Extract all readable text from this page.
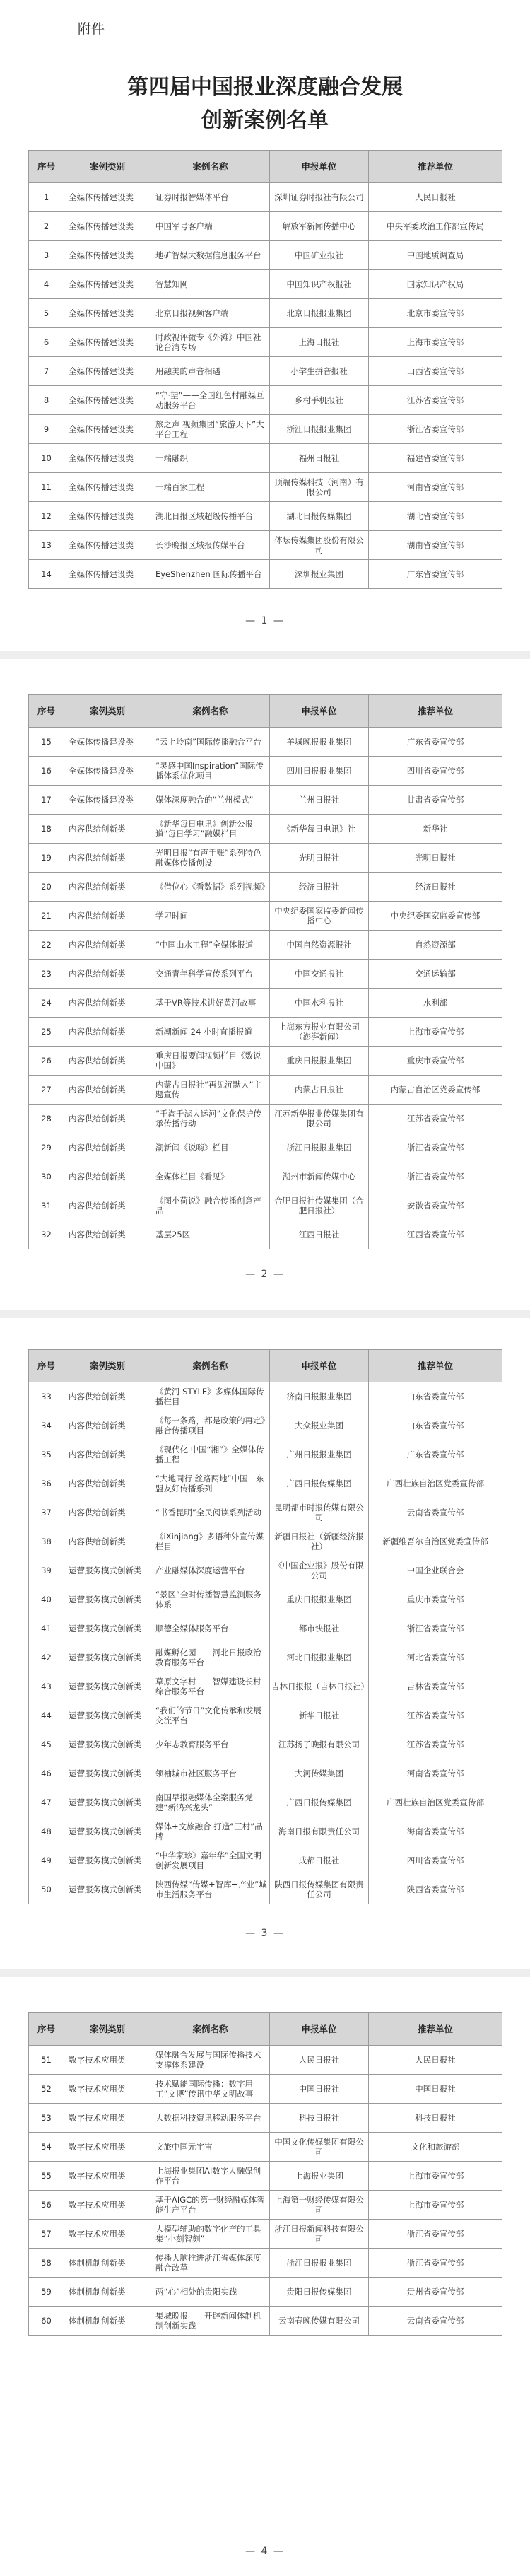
附件
第四届中国报业深度融合发展
创新案例名单
序号	案例类别	案例名称	申报单位	推荐单位
1	全媒体传播建设类	证券时报智媒体平台	深圳证券时报社有限公司	人民日报社
2	全媒体传播建设类	中国军号客户端	解放军新闻传播中心	中央军委政治工作部宣传局
3	全媒体传播建设类	地矿智媒大数据信息服务平台	中国矿业报社	中国地质调查局
4	全媒体传播建设类	智慧知网	中国知识产权报社	国家知识产权局
5	全媒体传播建设类	北京日报视频客户端	北京日报报业集团	北京市委宣传部
6	全媒体传播建设类	时政视评微专《外滩》中国社论台湾专场	上海日报社	上海市委宣传部
7	全媒体传播建设类	用融美的声音相遇	小学生拼音报社	山西省委宣传部
8	全媒体传播建设类	“守·望”——全国红色村融媒互动服务平台	乡村手机报社	江苏省委宣传部
9	全媒体传播建设类	旅之声 视频集团“旅游天下”大平台工程	浙江日报报业集团	浙江省委宣传部
10	全媒体传播建设类	一端融织	福州日报社	福建省委宣传部
11	全媒体传播建设类	一端百家工程	顶端传媒科技（河南）有限公司	河南省委宣传部
12	全媒体传播建设类	湖北日报区域超级传播平台	湖北日报传媒集团	湖北省委宣传部
13	全媒体传播建设类	长沙晚报区域报传媒平台	体坛传媒集团股份有限公司	湖南省委宣传部
14	全媒体传播建设类	EyeShenzhen 国际传播平台	深圳报业集团	广东省委宣传部
— 1 —
序号	案例类别	案例名称	申报单位	推荐单位
15	全媒体传播建设类	“云上岭南”国际传播融合平台	羊城晚报报业集团	广东省委宣传部
16	全媒体传播建设类	“灵感中国Inspiration”国际传播体系优化项目	四川日报报业集团	四川省委宣传部
17	全媒体传播建设类	媒体深度融合的“兰州模式”	兰州日报社	甘肃省委宣传部
18	内容供给创新类	《新华每日电讯》创新公报道“每日学习”融媒栏目	《新华每日电讯》社	新华社
19	内容供给创新类	光明日报“有声手账”系列特色融媒体传播创设	光明日报社	光明日报社
20	内容供给创新类	《借位心《看数据》系列视频》	经济日报社	经济日报社
21	内容供给创新类	学习时间	中央纪委国家监委新闻传播中心	中央纪委国家监委宣传部
22	内容供给创新类	“中国山水工程”全媒体报道	中国自然资源报社	自然资源部
23	内容供给创新类	交通青年科学宣传系列平台	中国交通报社	交通运输部
24	内容供给创新类	基于VR等技术讲好黄河故事	中国水利报社	水利部
25	内容供给创新类	新潮新闻 24 小时直播报道	上海东方报业有限公司（澎湃新闻）	上海市委宣传部
26	内容供给创新类	重庆日报要闻视频栏目《数说中国》	重庆日报报业集团	重庆市委宣传部
27	内容供给创新类	内蒙古日报社“再见沉默人”主题宣传	内蒙古日报社	内蒙古自治区党委宣传部
28	内容供给创新类	“千淘千滤大运河”文化保护传承传播行动	江苏新华报业传媒集团有限公司	江苏省委宣传部
29	内容供给创新类	潮新闻《说嗨》栏目	浙江日报报业集团	浙江省委宣传部
30	内容供给创新类	全媒体栏目《看见》	湖州市新闻传媒中心	浙江省委宣传部
31	内容供给创新类	《图小荷说》融合传播创意产品	合肥日报社传媒集团（合肥日报社）	安徽省委宣传部
32	内容供给创新类	基层25区	江西日报社	江西省委宣传部
— 2 —
序号	案例类别	案例名称	申报单位	推荐单位
33	内容供给创新类	《黄河 STYLE》多媒体国际传播栏目	济南日报报业集团	山东省委宣传部
34	内容供给创新类	《每一条路，都是政策的再定》融合传播项目	大众报业集团	山东省委宣传部
35	内容供给创新类	《现代化 中国“湘”》全媒体传播工程	广州日报报业集团	广东省委宣传部
36	内容供给创新类	“大地同行 丝路两地”中国—东盟友好传播系列	广西日报传媒集团	广西壮族自治区党委宣传部
37	内容供给创新类	“书香昆明”全民阅读系列活动	昆明都市时报传媒有限公司	云南省委宣传部
38	内容供给创新类	《iXinjiang》多语种外宣传媒栏目	新疆日报社（新疆经济报社）	新疆维吾尔自治区党委宣传部
39	运营服务模式创新类	产业融媒体深度运营平台	《中国企业报》股份有限公司	中国企业联合会
40	运营服务模式创新类	“景区”全时传播智慧监测服务体系	重庆日报报业集团	重庆市委宣传部
41	运营服务模式创新类	顺德全媒体服务平台	都市快报社	浙江省委宣传部
42	运营服务模式创新类	融媒孵化园——河北日报政治教育服务平台	河北日报报业集团	河北省委宣传部
43	运营服务模式创新类	草原文字村——智媒建设长村综合服务平台	吉林日报报（吉林日报社）	吉林省委宣传部
44	运营服务模式创新类	“我们的节日”文化传承和发展交流平台	新华日报社	江苏省委宣传部
45	运营服务模式创新类	少年志教育服务平台	江苏扬子晚报有限公司	江苏省委宣传部
46	运营服务模式创新类	领袖城市社区服务平台	大河传媒集团	河南省委宣传部
47	运营服务模式创新类	南国早报融媒体全案服务党建“新鸿兴龙头”	广西日报传媒集团	广西壮族自治区党委宣传部
48	运营服务模式创新类	媒体+文旅融合 打造“三村”品牌	海南日报有限责任公司	海南省委宣传部
49	运营服务模式创新类	“中华家珍》嘉年华”全国文明创新发展项目	成都日报社	四川省委宣传部
50	运营服务模式创新类	陕西传媒“传媒+智库+产业”城市生活服务平台	陕西日报传媒集团有限责任公司	陕西省委宣传部
— 3 —
序号	案例类别	案例名称	申报单位	推荐单位
51	数字技术应用类	媒体融合发展与国际传播技术支撑体系建设	人民日报社	人民日报社
52	数字技术应用类	技术赋能国际传播：数字用工“文博”传讯中华文明故事	中国日报社	中国日报社
53	数字技术应用类	大数据科技资讯移动服务平台	科技日报社	科技日报社
54	数字技术应用类	文旅中国元宇宙	中国文化传媒集团有限公司	文化和旅游部
55	数字技术应用类	上海报业集团AI数字人融媒创作平台	上海报业集团	上海市委宣传部
56	数字技术应用类	基于AIGC的第一财经融媒体智能生产平台	上海第一财经传媒有限公司	上海市委宣传部
57	数字技术应用类	大模型辅助的数字化产的工具集“小刻智刻”	浙江日报新闻科技有限公司	浙江省委宣传部
58	体制机制创新类	传播大脑推进浙江省媒体深度融合改革	浙江日报报业集团	浙江省委宣传部
59	体制机制创新类	两“心”相处的贵阳实践	贵阳日报传媒集团	贵州省委宣传部
60	体制机制创新类	集城晚报——开辟新闻体制机制创新实践	云南春晚传媒有限公司	云南省委宣传部
— 4 —
